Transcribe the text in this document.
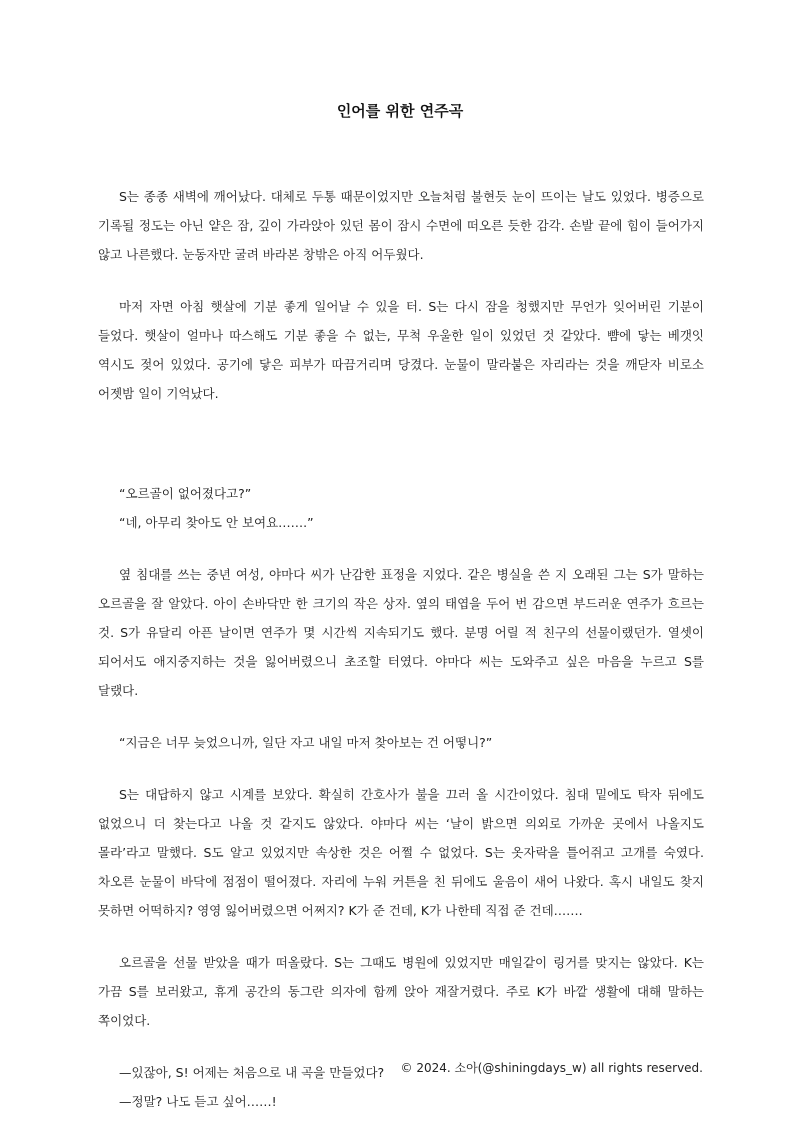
인어를 위한 연주곡

S는 종종 새벽에 깨어났다. 대체로 두통 때문이었지만 오늘처럼 불현듯 눈이 뜨이는 날도 있었다. 병증으로 기록될 정도는 아닌 얕은 잠, 깊이 가라앉아 있던 몸이 잠시 수면에 떠오른 듯한 감각. 손발 끝에 힘이 들어가지 않고 나른했다. 눈동자만 굴려 바라본 창밖은 아직 어두웠다.

마저 자면 아침 햇살에 기분 좋게 일어날 수 있을 터. S는 다시 잠을 청했지만 무언가 잊어버린 기분이 들었다. 햇살이 얼마나 따스해도 기분 좋을 수 없는, 무척 우울한 일이 있었던 것 같았다. 뺨에 닿는 베갯잇 역시도 젖어 있었다. 공기에 닿은 피부가 따끔거리며 당겼다. 눈물이 말라붙은 자리라는 것을 깨닫자 비로소 어젯밤 일이 기억났다.

“오르골이 없어졌다고?”

“네, 아무리 찾아도 안 보여요…….”

옆 침대를 쓰는 중년 여성, 야마다 씨가 난감한 표정을 지었다. 같은 병실을 쓴 지 오래된 그는 S가 말하는 오르골을 잘 알았다. 아이 손바닥만 한 크기의 작은 상자. 옆의 태엽을 두어 번 감으면 부드러운 연주가 흐르는 것. S가 유달리 아픈 날이면 연주가 몇 시간씩 지속되기도 했다. 분명 어릴 적 친구의 선물이랬던가. 열셋이 되어서도 애지중지하는 것을 잃어버렸으니 초조할 터였다. 야마다 씨는 도와주고 싶은 마음을 누르고 S를 달랬다.

“지금은 너무 늦었으니까, 일단 자고 내일 마저 찾아보는 건 어떻니?”

S는 대답하지 않고 시계를 보았다. 확실히 간호사가 불을 끄러 올 시간이었다. 침대 밑에도 탁자 뒤에도 없었으니 더 찾는다고 나올 것 같지도 않았다. 야마다 씨는 ‘날이 밝으면 의외로 가까운 곳에서 나올지도 몰라’라고 말했다. S도 알고 있었지만 속상한 것은 어쩔 수 없었다. S는 옷자락을 틀어쥐고 고개를 숙였다. 차오른 눈물이 바닥에 점점이 떨어졌다. 자리에 누워 커튼을 친 뒤에도 울음이 새어 나왔다. 혹시 내일도 찾지 못하면 어떡하지? 영영 잃어버렸으면 어쩌지? K가 준 건데, K가 나한테 직접 준 건데…….

오르골을 선물 받았을 때가 떠올랐다. S는 그때도 병원에 있었지만 매일같이 링거를 맞지는 않았다. K는 가끔 S를 보러왔고, 휴게 공간의 동그란 의자에 함께 앉아 재잘거렸다. 주로 K가 바깥 생활에 대해 말하는 쪽이었다.

—있잖아, S! 어제는 처음으로 내 곡을 만들었다?

—정말? 나도 듣고 싶어……!

© 2024. 소아(@shiningdays_w) all rights reserved.
